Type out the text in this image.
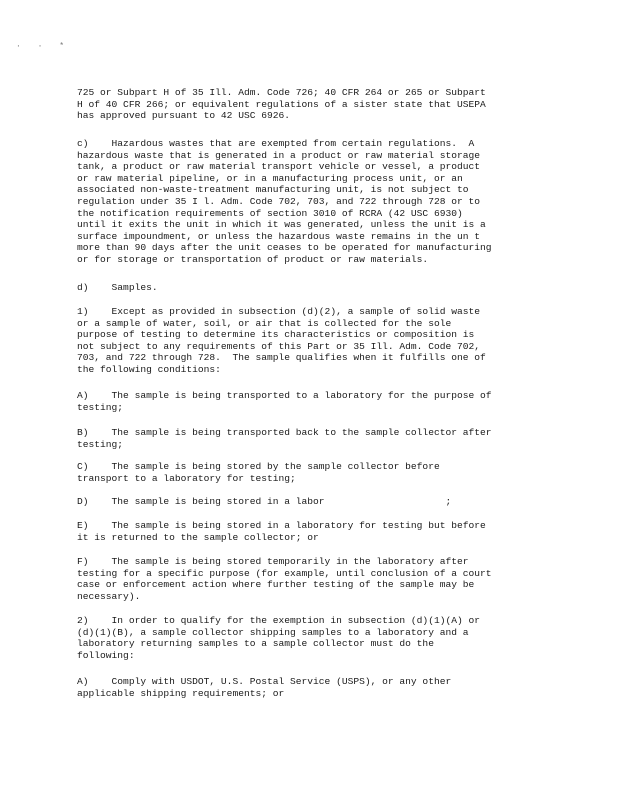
· · *

725 or Subpart H of 35 Ill. Adm. Code 726; 40 CFR 264 or 265 or Subpart
H of 40 CFR 266; or equivalent regulations of a sister state that USEPA
has approved pursuant to 42 USC 6926.

c)    Hazardous wastes that are exempted from certain regulations.  A
hazardous waste that is generated in a product or raw material storage
tank, a product or raw material transport vehicle or vessel, a product
or raw material pipeline, or in a manufacturing process unit, or an
associated non-waste-treatment manufacturing unit, is not subject to
regulation under 35 I l. Adm. Code 702, 703, and 722 through 728 or to
the notification requirements of section 3010 of RCRA (42 USC 6930)
until it exits the unit in which it was generated, unless the unit is a
surface impoundment, or unless the hazardous waste remains in the un t
more than 90 days after the unit ceases to be operated for manufacturing
or for storage or transportation of product or raw materials.

d)    Samples.

1)    Except as provided in subsection (d)(2), a sample of solid waste
or a sample of water, soil, or air that is collected for the sole
purpose of testing to determine its characteristics or composition is
not subject to any requirements of this Part or 35 Ill. Adm. Code 702,
703, and 722 through 728.  The sample qualifies when it fulfills one of
the following conditions:

A)    The sample is being transported to a laboratory for the purpose of
testing;

B)    The sample is being transported back to the sample collector after
testing;

C)    The sample is being stored by the sample collector before
transport to a laboratory for testing;

D)    The sample is being stored in a labor                     ;

E)    The sample is being stored in a laboratory for testing but before
it is returned to the sample collector; or

F)    The sample is being stored temporarily in the laboratory after
testing for a specific purpose (for example, until conclusion of a court
case or enforcement action where further testing of the sample may be
necessary).

2)    In order to qualify for the exemption in subsection (d)(1)(A) or
(d)(1)(B), a sample collector shipping samples to a laboratory and a
laboratory returning samples to a sample collector must do the
following:

A)    Comply with USDOT, U.S. Postal Service (USPS), or any other
applicable shipping requirements; or
